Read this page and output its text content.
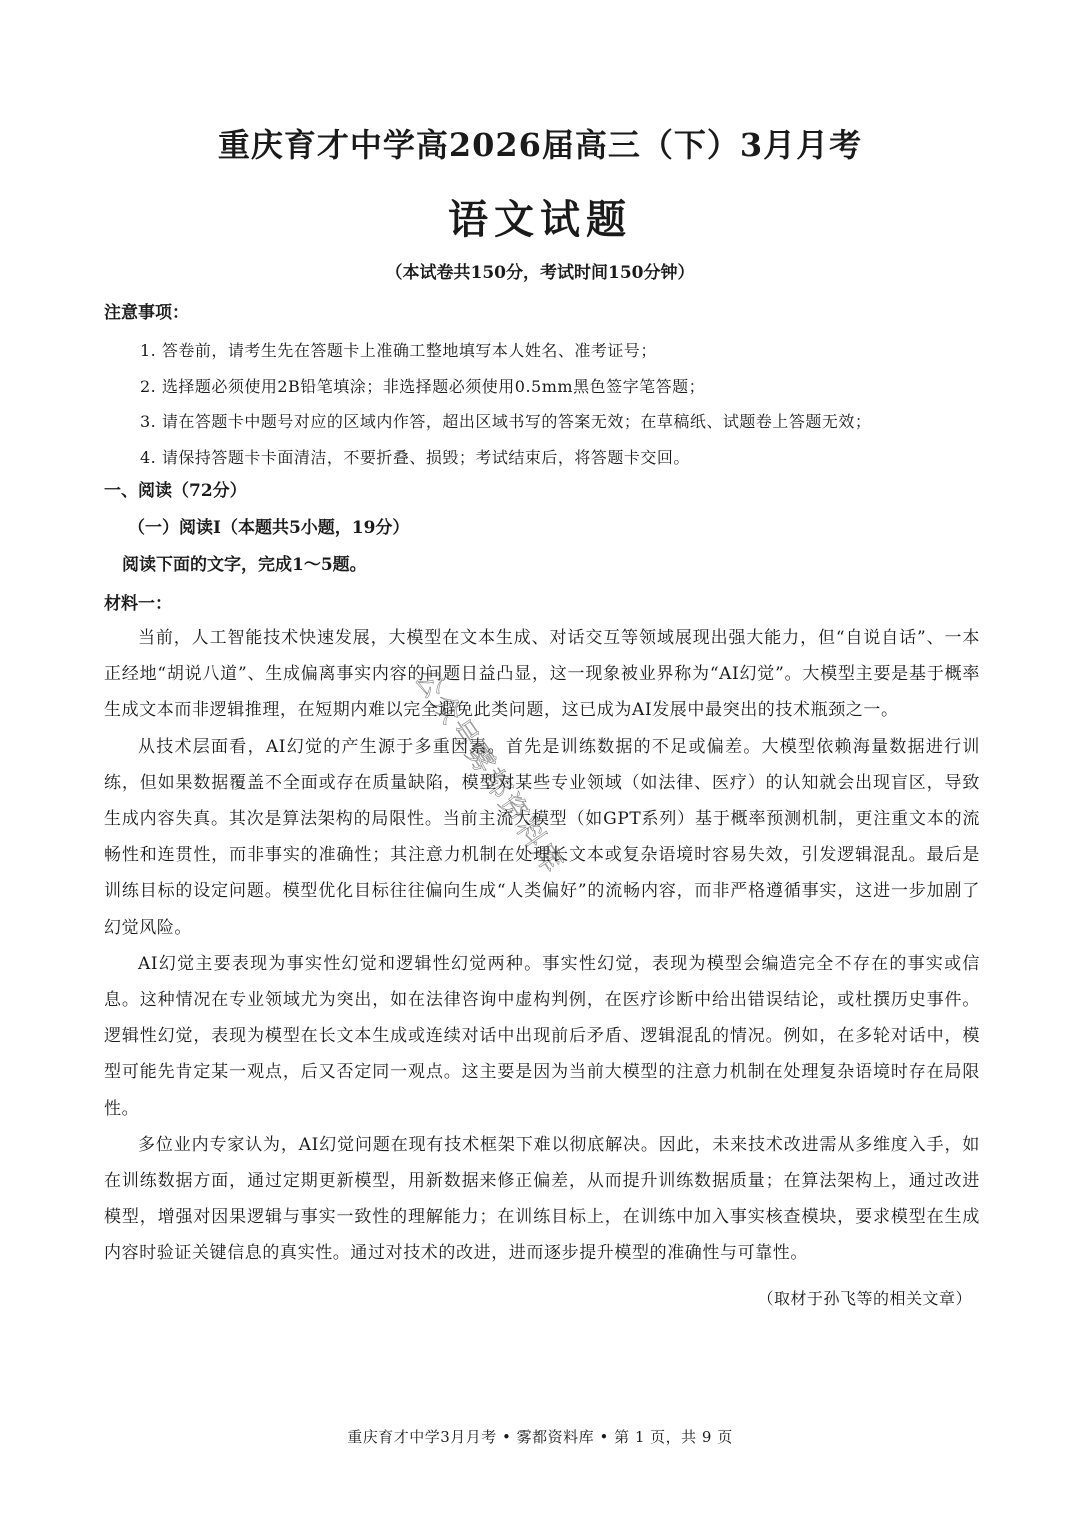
重庆育才中学高2026届高三（下）3月月考
语文试题
（本试卷共150分，考试时间150分钟）
注意事项：
1. 答卷前，请考生先在答题卡上准确工整地填写本人姓名、准考证号；
2. 选择题必须使用2B铅笔填涂；非选择题必须使用0.5mm黑色签字笔答题；
3. 请在答题卡中题号对应的区域内作答，超出区域书写的答案无效；在草稿纸、试题卷上答题无效；
4. 请保持答题卡卡面清洁，不要折叠、损毁；考试结束后，将答题卡交回。
一、阅读（72分）
（一）阅读Ⅰ（本题共5小题，19分）
阅读下面的文字，完成1～5题。
材料一：

当前，人工智能技术快速发展，大模型在文本生成、对话交互等领域展现出强大能力，但“自说自话”、一本正经地“胡说八道”、生成偏离事实内容的问题日益凸显，这一现象被业界称为“AI幻觉”。大模型主要是基于概率生成文本而非逻辑推理，在短期内难以完全避免此类问题，这已成为AI发展中最突出的技术瓶颈之一。

从技术层面看，AI幻觉的产生源于多重因素。首先是训练数据的不足或偏差。大模型依赖海量数据进行训练，但如果数据覆盖不全面或存在质量缺陷，模型对某些专业领域（如法律、医疗）的认知就会出现盲区，导致生成内容失真。其次是算法架构的局限性。当前主流大模型（如GPT系列）基于概率预测机制，更注重文本的流畅性和连贯性，而非事实的准确性；其注意力机制在处理长文本或复杂语境时容易失效，引发逻辑混乱。最后是训练目标的设定问题。模型优化目标往往偏向生成“人类偏好”的流畅内容，而非严格遵循事实，这进一步加剧了幻觉风险。

AI幻觉主要表现为事实性幻觉和逻辑性幻觉两种。事实性幻觉，表现为模型会编造完全不存在的事实或信息。这种情况在专业领域尤为突出，如在法律咨询中虚构判例，在医疗诊断中给出错误结论，或杜撰历史事件。逻辑性幻觉，表现为模型在长文本生成或连续对话中出现前后矛盾、逻辑混乱的情况。例如，在多轮对话中，模型可能先肯定某一观点，后又否定同一观点。这主要是因为当前大模型的注意力机制在处理复杂语境时存在局限性。

多位业内专家认为，AI幻觉问题在现有技术框架下难以彻底解决。因此，未来技术改进需从多维度入手，如在训练数据方面，通过定期更新模型，用新数据来修正偏差，从而提升训练数据质量；在算法架构上，通过改进模型，增强对因果逻辑与事实一致性的理解能力；在训练目标上，在训练中加入事实核查模块，要求模型在生成内容时验证关键信息的真实性。通过对技术的改进，进而逐步提升模型的准确性与可靠性。

（取材于孙飞等的相关文章）
公众号雾都资料库
重庆育才中学3月月考 • 雾都资料库 • 第 1 页，共 9 页
